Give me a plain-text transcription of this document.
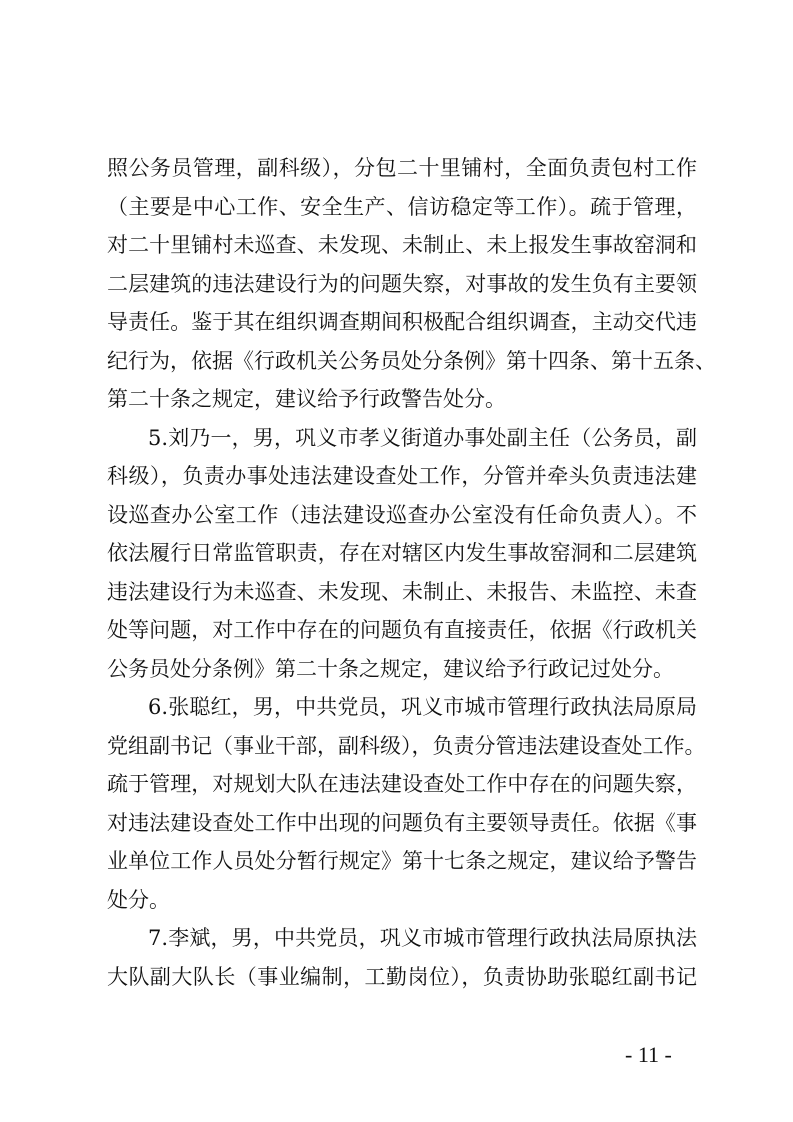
照公务员管理，副科级），分包二十里铺村，全面负责包村工作
（主要是中心工作、安全生产、信访稳定等工作）。疏于管理，
对二十里铺村未巡查、未发现、未制止、未上报发生事故窑洞和
二层建筑的违法建设行为的问题失察，对事故的发生负有主要领
导责任。鉴于其在组织调查期间积极配合组织调查，主动交代违
纪行为，依据《行政机关公务员处分条例》第十四条、第十五条、
第二十条之规定，建议给予行政警告处分。
5.刘乃一，男，巩义市孝义街道办事处副主任（公务员，副
科级），负责办事处违法建设查处工作，分管并牵头负责违法建
设巡查办公室工作（违法建设巡查办公室没有任命负责人）。不
依法履行日常监管职责，存在对辖区内发生事故窑洞和二层建筑
违法建设行为未巡查、未发现、未制止、未报告、未监控、未查
处等问题，对工作中存在的问题负有直接责任，依据《行政机关
公务员处分条例》第二十条之规定，建议给予行政记过处分。
6.张聪红，男，中共党员，巩义市城市管理行政执法局原局
党组副书记（事业干部，副科级），负责分管违法建设查处工作。
疏于管理，对规划大队在违法建设查处工作中存在的问题失察，
对违法建设查处工作中出现的问题负有主要领导责任。依据《事
业单位工作人员处分暂行规定》第十七条之规定，建议给予警告
处分。
7.李斌，男，中共党员，巩义市城市管理行政执法局原执法
大队副大队长（事业编制，工勤岗位），负责协助张聪红副书记
- 11 -
